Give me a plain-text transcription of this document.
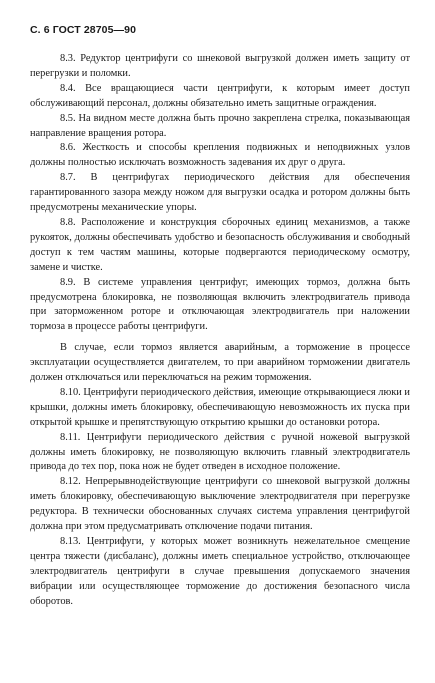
С. 6 ГОСТ 28705—90

8.3. Редуктор центрифуги со шнековой выгрузкой должен иметь защиту от перегрузки и поломки.

8.4. Все вращающиеся части центрифуги, к которым имеет доступ обслуживающий персонал, должны обязательно иметь защитные ограждения.

8.5. На видном месте должна быть прочно закреплена стрелка, показывающая направление вращения ротора.

8.6. Жесткость и способы крепления подвижных и неподвижных узлов должны полностью исключать возможность задевания их друг о друга.

8.7. В центрифугах периодического действия для обеспечения гарантированного зазора между ножом для выгрузки осадка и ротором должны быть предусмотрены механические упоры.

8.8. Расположение и конструкция сборочных единиц механизмов, а также рукояток, должны обеспечивать удобство и безопасность обслуживания и свободный доступ к тем частям машины, которые подвергаются периодическому осмотру, замене и чистке.

8.9. В системе управления центрифуг, имеющих тормоз, должна быть предусмотрена блокировка, не позволяющая включить электродвигатель привода при заторможенном роторе и отключающая электродвигатель при наложении тормоза в процессе работы центрифуги.

В случае, если тормоз является аварийным, а торможение в процессе эксплуатации осуществляется двигателем, то при аварийном торможении двигатель должен отключаться или переключаться на режим торможения.

8.10. Центрифуги периодического действия, имеющие открывающиеся люки и крышки, должны иметь блокировку, обеспечивающую невозможность их пуска при открытой крышке и препятствующую открытию крышки до остановки ротора.

8.11. Центрифуги периодического действия с ручной ножевой выгрузкой должны иметь блокировку, не позволяющую включить главный электродвигатель привода до тех пор, пока нож не будет отведен в исходное положение.

8.12. Непрерывнодействующие центрифуги со шнековой выгрузкой должны иметь блокировку, обеспечивающую выключение электродвигателя при перегрузке редуктора. В технически обоснованных случаях система управления центрифугой должна при этом предусматривать отключение подачи питания.

8.13. Центрифуги, у которых может возникнуть нежелательное смещение центра тяжести (дисбаланс), должны иметь специальное устройство, отключающее электродвигатель центрифуги в случае превышения допускаемого значения вибрации или осуществляющее торможение до достижения безопасного числа оборотов.
